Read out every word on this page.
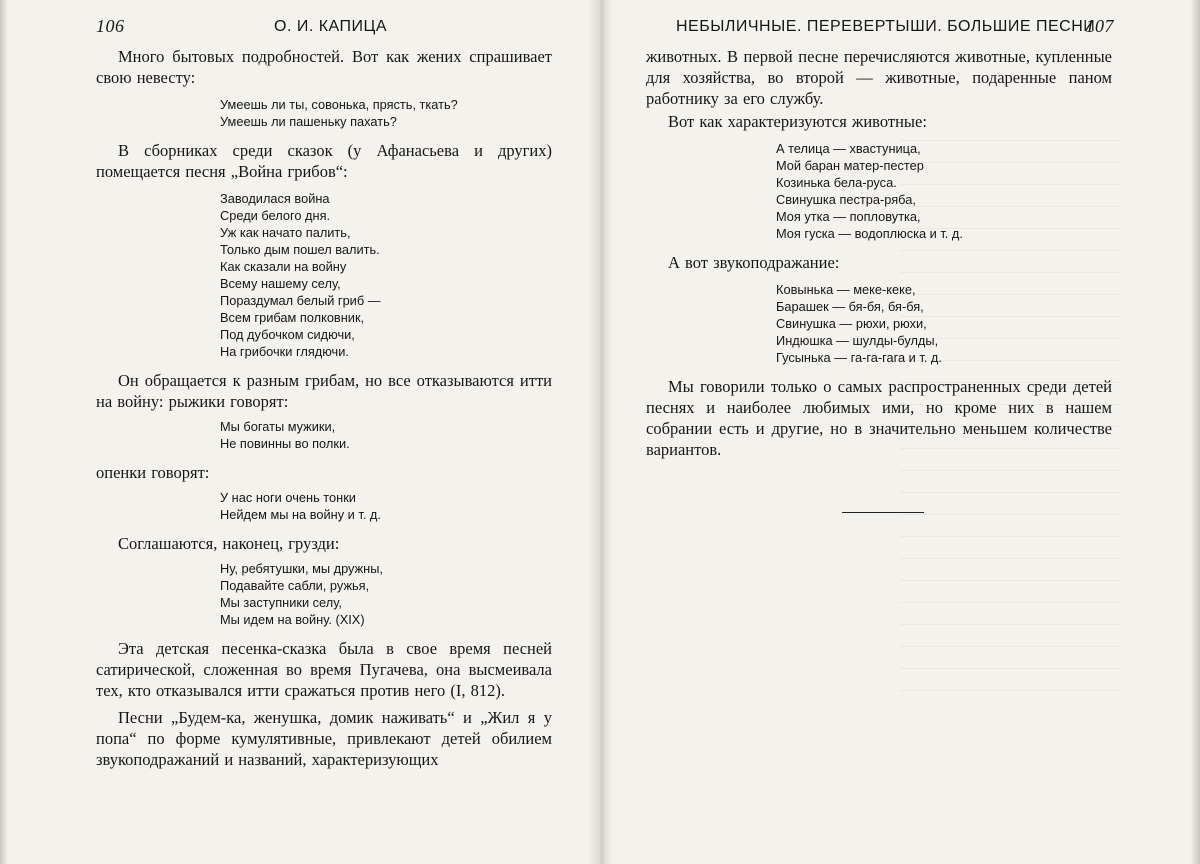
106	О. И. КАПИЦА

Много бытовых подробностей. Вот как жених спрашивает свою невесту:

Умеешь ли ты, совонька, прясть, ткать?
Умеешь ли пашеньку пахать?

В сборниках среди сказок (у Афанасьева и других) помещается песня „Война грибов“:

Заводилася война
Среди белого дня.
Уж как начато палить,
Только дым пошел валить.
Как сказали на войну
Всему нашему селу,
Пораздумал белый гриб —
Всем грибам полковник,
Под дубочком сидючи,
На грибочки глядючи.

Он обращается к разным грибам, но все отказываются итти на войну: рыжики говорят:

Мы богаты мужики,
Не повинны во полки.

опенки говорят:

У нас ноги очень тонки
Нейдем мы на войну и т. д.

Соглашаются, наконец, грузди:

Ну, ребятушки, мы дружны,
Подавайте сабли, ружья,
Мы заступники селу,
Мы идем на войну. (XIX)

Эта детская песенка-сказка была в свое время песней сатирической, сложенная во время Пугачева, она высмеивала тех, кто отказывался итти сражаться против него (I, 812).

Песни „Будем-ка, женушка, домик наживать“ и „Жил я у попа“ по форме кумулятивные, привлекают детей обилием звукоподражаний и названий, характеризующих

НЕБЫЛИЧНЫЕ. ПЕРЕВЕРТЫШИ. БОЛЬШИЕ ПЕСНИ
107

животных. В первой песне перечисляются животные, купленные для хозяйства, во второй — животные, подаренные паном работнику за его службу.

Вот как характеризуются животные:

А телица — хвастуница,
Мой баран матер-пестер
Козинька бела-руса.
Свинушка пестра-ряба,
Моя утка — попловутка,
Моя гуска — водоплюска и т. д.

А вот звукоподражание:

Ковынька — меке-кеке,
Барашек — бя-бя, бя-бя,
Свинушка — рюхи, рюхи,
Индюшка — шулды-булды,
Гусынька — га-га-гага и т. д.

Мы говорили только о самых распространенных среди детей песнях и наиболее любимых ими, но кроме них в нашем собрании есть и другие, но в значительно меньшем количестве вариантов.
